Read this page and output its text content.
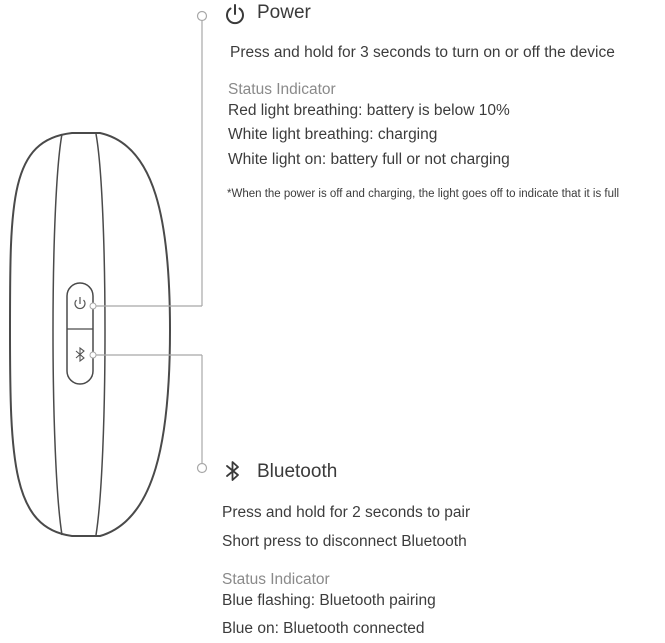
Power

Press and hold for 3 seconds to turn on or off the device

Status Indicator

Red light breathing: battery is below 10%

White light breathing: charging

White light on: battery full or not charging

*When the power is off and charging, the light goes off to indicate that it is full

Bluetooth

Press and hold for 2 seconds to pair

Short press to disconnect Bluetooth

Status Indicator

Blue flashing: Bluetooth pairing

Blue on: Bluetooth connected
